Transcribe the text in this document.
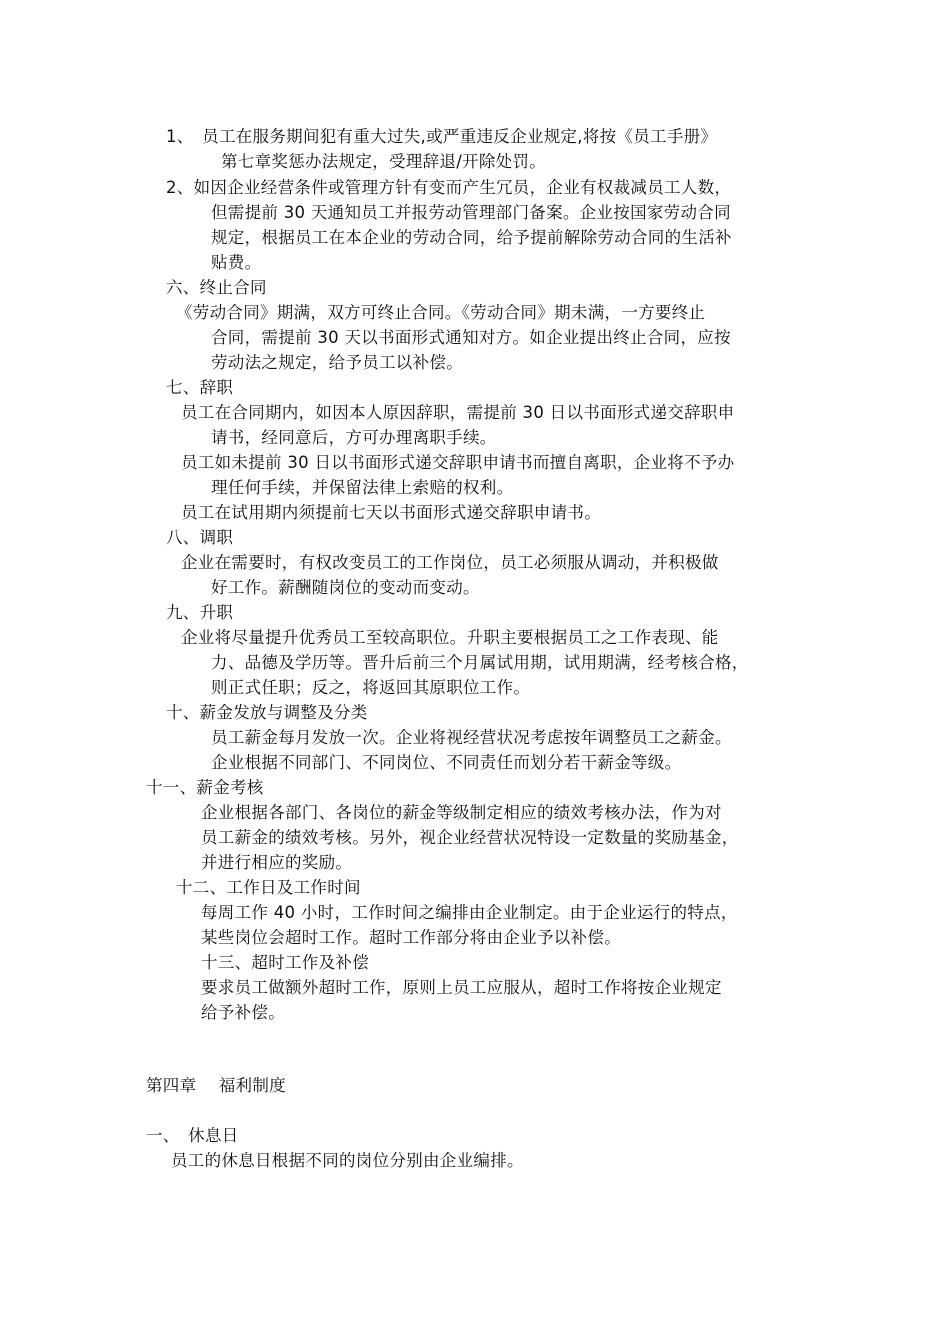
1、　员工在服务期间犯有重大过失,或严重违反企业规定,将按《员工手册》
第七章奖惩办法规定，受理辞退/开除处罚。
2、如因企业经营条件或管理方针有变而产生冗员，企业有权裁减员工人数，
但需提前 30 天通知员工并报劳动管理部门备案。企业按国家劳动合同
规定，根据员工在本企业的劳动合同，给予提前解除劳动合同的生活补
贴费。
六、终止合同
《劳动合同》期满，双方可终止合同。《劳动合同》期未满，一方要终止
合同，需提前 30 天以书面形式通知对方。如企业提出终止合同，应按
劳动法之规定，给予员工以补偿。
七、辞职
员工在合同期内，如因本人原因辞职，需提前 30 日以书面形式递交辞职申
请书，经同意后，方可办理离职手续。
员工如未提前 30 日以书面形式递交辞职申请书而擅自离职，企业将不予办
理任何手续，并保留法律上索赔的权利。
员工在试用期内须提前七天以书面形式递交辞职申请书。
八、调职
企业在需要时，有权改变员工的工作岗位，员工必须服从调动，并积极做
好工作。薪酬随岗位的变动而变动。
九、升职
企业将尽量提升优秀员工至较高职位。升职主要根据员工之工作表现、能
力、品德及学历等。晋升后前三个月属试用期，试用期满，经考核合格，
则正式任职；反之，将返回其原职位工作。
十、薪金发放与调整及分类
员工薪金每月发放一次。企业将视经营状况考虑按年调整员工之薪金。
企业根据不同部门、不同岗位、不同责任而划分若干薪金等级。
十一、薪金考核
企业根据各部门、各岗位的薪金等级制定相应的绩效考核办法，作为对
员工薪金的绩效考核。另外，视企业经营状况特设一定数量的奖励基金，
并进行相应的奖励。
十二、工作日及工作时间
每周工作 40 小时，工作时间之编排由企业制定。由于企业运行的特点，
某些岗位会超时工作。超时工作部分将由企业予以补偿。
十三、超时工作及补偿
要求员工做额外超时工作，原则上员工应服从，超时工作将按企业规定
给予补偿。
第四章　 福利制度
一、　休息日
员工的休息日根据不同的岗位分别由企业编排。
